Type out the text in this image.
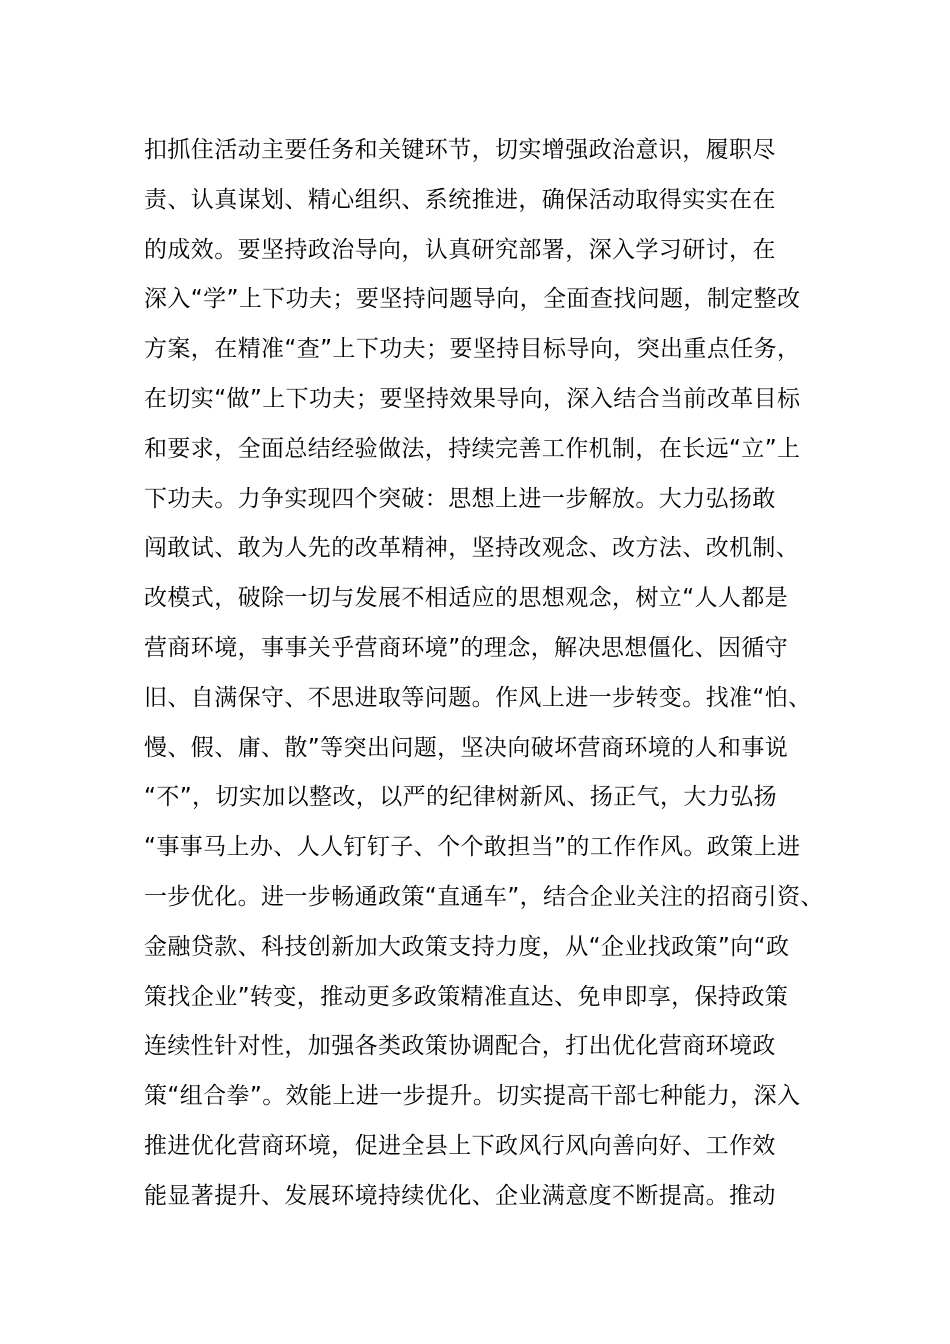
扣抓住活动主要任务和关键环节，切实增强政治意识，履职尽
责、认真谋划、精心组织、系统推进，确保活动取得实实在在
的成效。要坚持政治导向，认真研究部署，深入学习研讨，在
深入“学”上下功夫；要坚持问题导向，全面查找问题，制定整改
方案，在精准“查”上下功夫；要坚持目标导向，突出重点任务，
在切实“做”上下功夫；要坚持效果导向，深入结合当前改革目标
和要求，全面总结经验做法，持续完善工作机制，在长远“立”上
下功夫。力争实现四个突破：思想上进一步解放。大力弘扬敢
闯敢试、敢为人先的改革精神，坚持改观念、改方法、改机制、
改模式，破除一切与发展不相适应的思想观念，树立“人人都是
营商环境，事事关乎营商环境”的理念，解决思想僵化、因循守
旧、自满保守、不思进取等问题。作风上进一步转变。找准“怕、
慢、假、庸、散”等突出问题，坚决向破坏营商环境的人和事说
“不”，切实加以整改，以严的纪律树新风、扬正气，大力弘扬
“事事马上办、人人钉钉子、个个敢担当”的工作作风。政策上进
一步优化。进一步畅通政策“直通车”，结合企业关注的招商引资、
金融贷款、科技创新加大政策支持力度，从“企业找政策”向“政
策找企业”转变，推动更多政策精准直达、免申即享，保持政策
连续性针对性，加强各类政策协调配合，打出优化营商环境政
策“组合拳”。效能上进一步提升。切实提高干部七种能力，深入
推进优化营商环境，促进全县上下政风行风向善向好、工作效
能显著提升、发展环境持续优化、企业满意度不断提高。推动
